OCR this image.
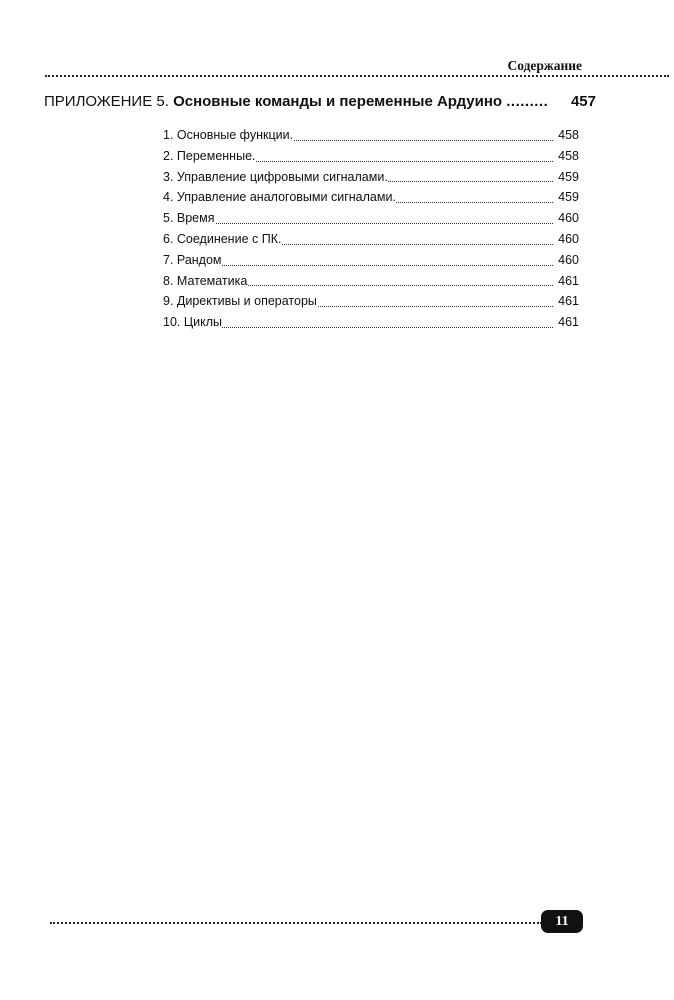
Содержание
ПРИЛОЖЕНИЕ 5. Основные команды и переменные Ардуино ......... 457
1. Основные функции.	458
2. Переменные.	458
3. Управление цифровыми сигналами.	459
4. Управление аналоговыми сигналами.	459
5. Время	460
6. Соединение с ПК.	460
7. Рандом	460
8. Математика	461
9. Директивы и операторы	461
10. Циклы	461
11
